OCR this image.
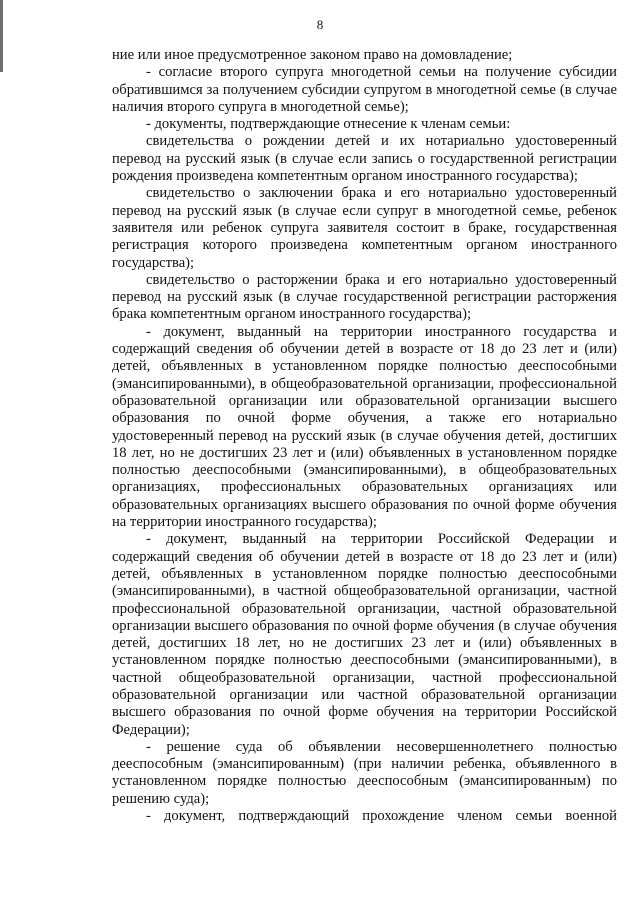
8

ние или иное предусмотренное законом право на домовладение;

- согласие второго супруга многодетной семьи на получение субсидии обратившимся за получением субсидии супругом в многодетной семье (в случае наличия второго супруга в многодетной семье);

- документы, подтверждающие отнесение к членам семьи:

свидетельства о рождении детей и их нотариально удостоверенный перевод на русский язык (в случае если запись о государственной регистрации рождения произведена компетентным органом иностранного государства);

свидетельство о заключении брака и его нотариально удостоверенный перевод на русский язык (в случае если супруг в многодетной семье, ребенок заявителя или ребенок супруга заявителя состоит в браке, государственная регистрация которого произведена компетентным органом иностранного государства);

свидетельство о расторжении брака и его нотариально удостоверенный перевод на русский язык (в случае государственной регистрации расторжения брака компетентным органом иностранного государства);

- документ, выданный на территории иностранного государства и содержащий сведения об обучении детей в возрасте от 18 до 23 лет и (или) детей, объявленных в установленном порядке полностью дееспособными (эмансипированными), в общеобразовательной организации, профессиональной образовательной организации или образовательной организации высшего образования по очной форме обучения, а также его нотариально удостоверенный перевод на русский язык (в случае обучения детей, достигших 18 лет, но не достигших 23 лет и (или) объявленных в установленном порядке полностью дееспособными (эмансипированными), в общеобразовательных организациях, профессиональных образовательных организациях или образовательных организациях высшего образования по очной форме обучения на территории иностранного государства);

- документ, выданный на территории Российской Федерации и содержащий сведения об обучении детей в возрасте от 18 до 23 лет и (или) детей, объявленных в установленном порядке полностью дееспособными (эмансипированными), в частной общеобразовательной организации, частной профессиональной образовательной организации, частной образовательной организации высшего образования по очной форме обучения (в случае обучения детей, достигших 18 лет, но не достигших 23 лет и (или) объявленных в установленном порядке полностью дееспособными (эмансипированными), в частной общеобразовательной организации, частной профессиональной образовательной организации или частной образовательной организации высшего образования по очной форме обучения на территории Российской Федерации);

- решение суда об объявлении несовершеннолетнего полностью дееспособным (эмансипированным) (при наличии ребенка, объявленного в установленном порядке полностью дееспособным (эмансипированным) по решению суда);

- документ, подтверждающий прохождение членом семьи военной
